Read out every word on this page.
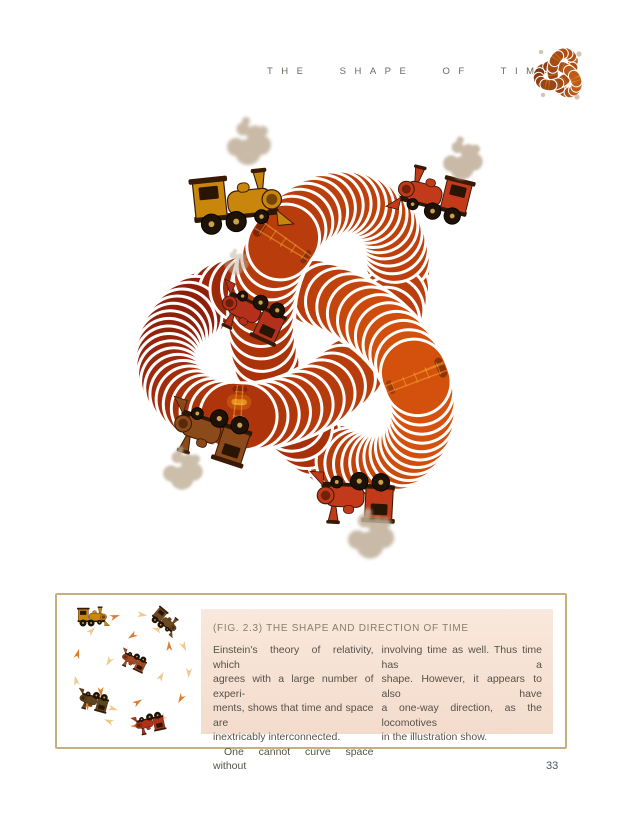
THE SHAPE OF TIME
(FIG. 2.3) THE SHAPE AND DIRECTION OF TIME
Einstein's theory of relativity, which
agrees with a large number of experi-
ments, shows that time and space are
inextricably interconnected.
One cannot curve space without
involving time as well. Thus time has a
shape. However, it appears to also have
a one-way direction, as the locomotives
in the illustration show.
33
